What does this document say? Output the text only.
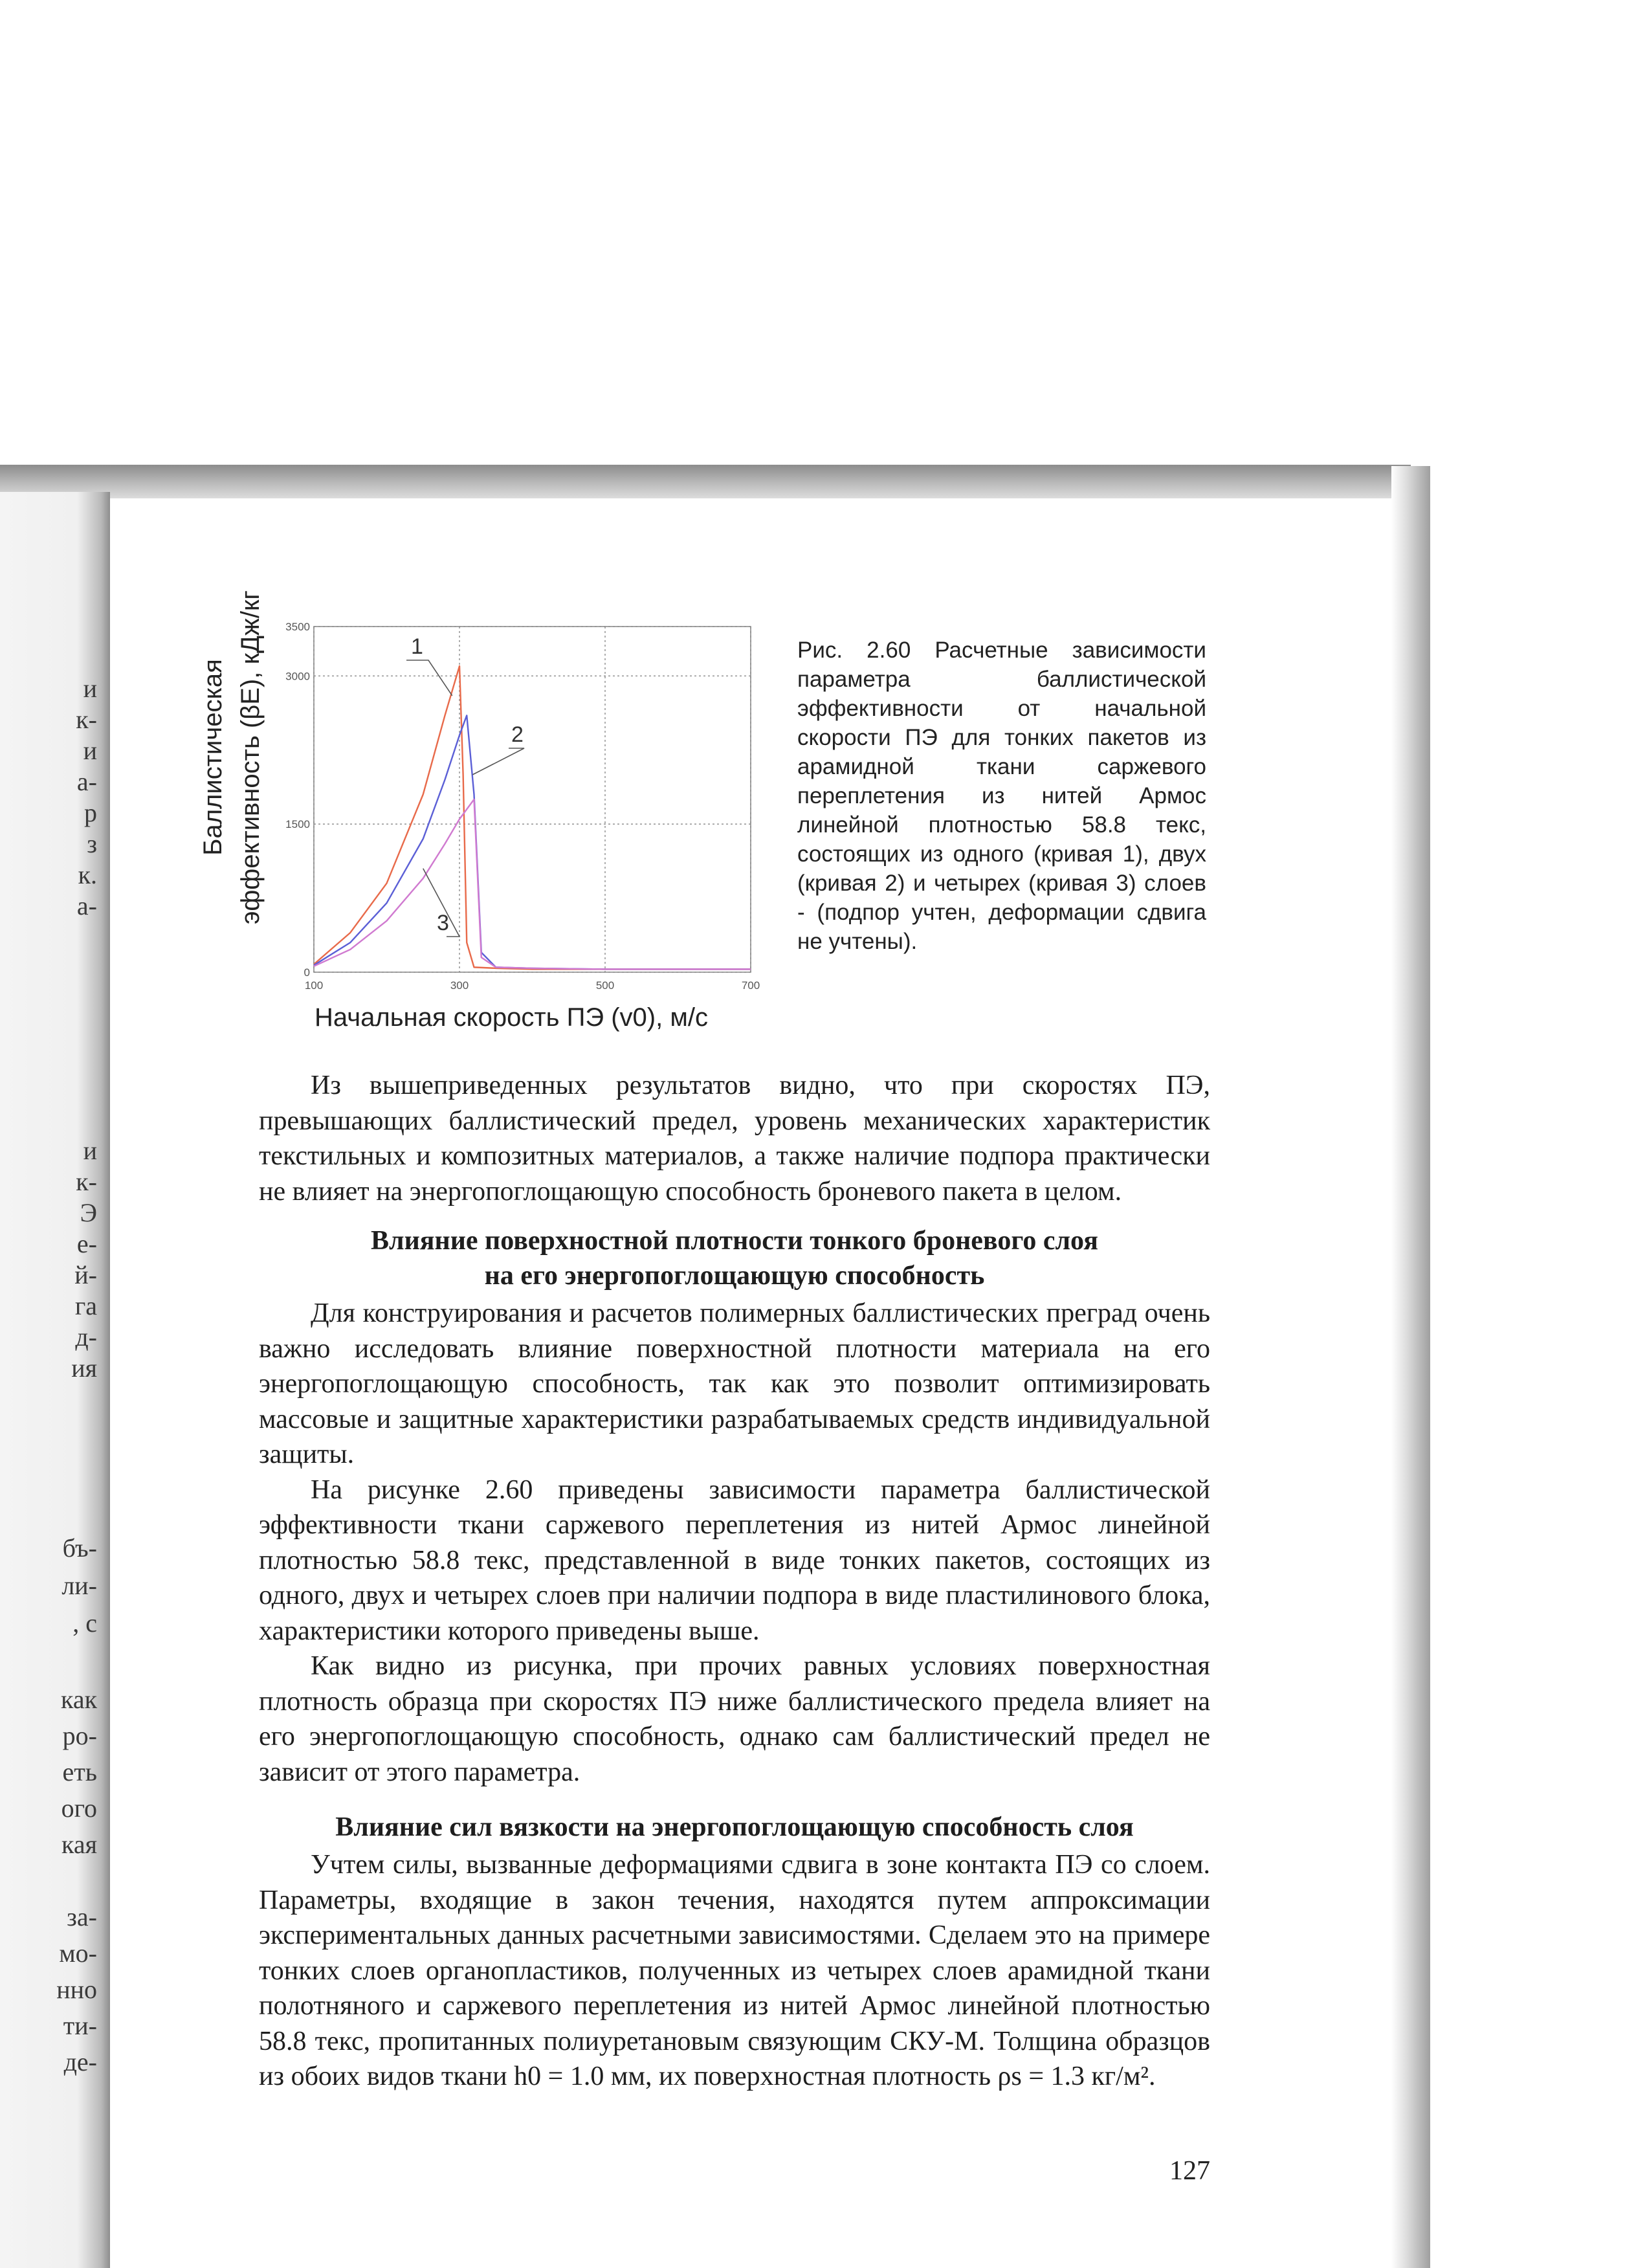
и
к-
и
а-
р
з
к.
а-
и
к-
Э
е-
й-
га
д-
ия
бъ-
ли-
, с
как
ро-
еть
ого
кая
за-
мо-
нно
ти-
де-
100	300	500	700
0
1500
3000
3500
1
2
3
Баллистическая эффективность (βE), кДж/кг
Начальная скорость ПЭ (v0), м/с
Рис. 2.60 Расчетные зависимости параметра баллистической эффективности от начальной скорости ПЭ для тонких пакетов из арамидной ткани саржевого переплетения из нитей Армос линейной плотностью 58.8 текс, состоящих из одного (кривая 1), двух (кривая 2) и четырех (кривая 3) слоев - (подпор учтен, деформации сдвига не учтены).

Из вышеприведенных результатов видно, что при скоростях ПЭ, превышающих баллистический предел, уровень механических характеристик текстильных и композитных материалов, а также наличие подпора практически не влияет на энергопоглощающую способность броневого пакета в целом.

Влияние поверхностной плотности тонкого броневого слоя
на его энергопоглощающую способность

Для конструирования и расчетов полимерных баллистических преград очень важно исследовать влияние поверхностной плотности материала на его энергопоглощающую способность, так как это позволит оптимизировать массовые и защитные характеристики разрабатываемых средств индивидуальной защиты.

На рисунке 2.60 приведены зависимости параметра баллистической эффективности ткани саржевого переплетения из нитей Армос линейной плотностью 58.8 текс, представленной в виде тонких пакетов, состоящих из одного, двух и четырех слоев при наличии подпора в виде пластилинового блока, характеристики которого приведены выше.

Как видно из рисунка, при прочих равных условиях поверхностная плотность образца при скоростях ПЭ ниже баллистического предела влияет на его энергопоглощающую способность, однако сам баллистический предел не зависит от этого параметра.

Влияние сил вязкости на энергопоглощающую способность слоя

Учтем силы, вызванные деформациями сдвига в зоне контакта ПЭ со слоем. Параметры, входящие в закон течения, находятся путем аппроксимации экспериментальных данных расчетными зависимостями. Сделаем это на примере тонких слоев органопластиков, полученных из четырех слоев арамидной ткани полотняного и саржевого переплетения из нитей Армос линейной плотностью 58.8 текс, пропитанных полиуретановым связующим СКУ-М. Толщина образцов из обоих видов ткани h0 = 1.0 мм, их поверхностная плотность ρs = 1.3 кг/м².

127
